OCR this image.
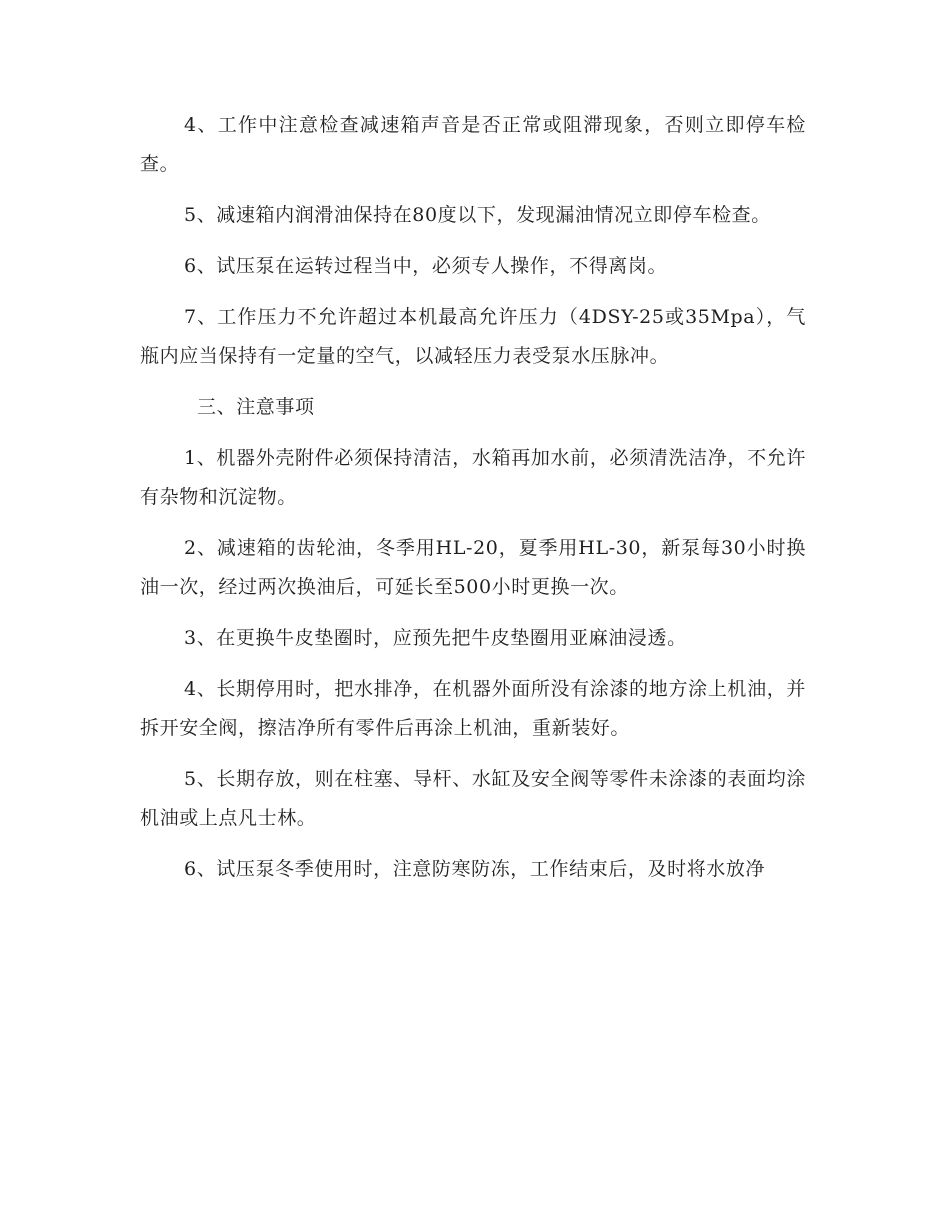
4、工作中注意检查减速箱声音是否正常或阻滞现象，否则立即停车检查。

5、减速箱内润滑油保持在80度以下，发现漏油情况立即停车检查。

6、试压泵在运转过程当中，必须专人操作，不得离岗。

7、工作压力不允许超过本机最高允许压力（4DSY-25或35Mpa），气瓶内应当保持有一定量的空气，以减轻压力表受泵水压脉冲。

三、注意事项

1、机器外壳附件必须保持清洁，水箱再加水前，必须清洗洁净，不允许有杂物和沉淀物。

2、减速箱的齿轮油，冬季用HL-20，夏季用HL-30，新泵每30小时换油一次，经过两次换油后，可延长至500小时更换一次。

3、在更换牛皮垫圈时，应预先把牛皮垫圈用亚麻油浸透。

4、长期停用时，把水排净，在机器外面所没有涂漆的地方涂上机油，并拆开安全阀，擦洁净所有零件后再涂上机油，重新装好。

5、长期存放，则在柱塞、导杆、水缸及安全阀等零件未涂漆的表面均涂机油或上点凡士林。

6、试压泵冬季使用时，注意防寒防冻，工作结束后，及时将水放净
